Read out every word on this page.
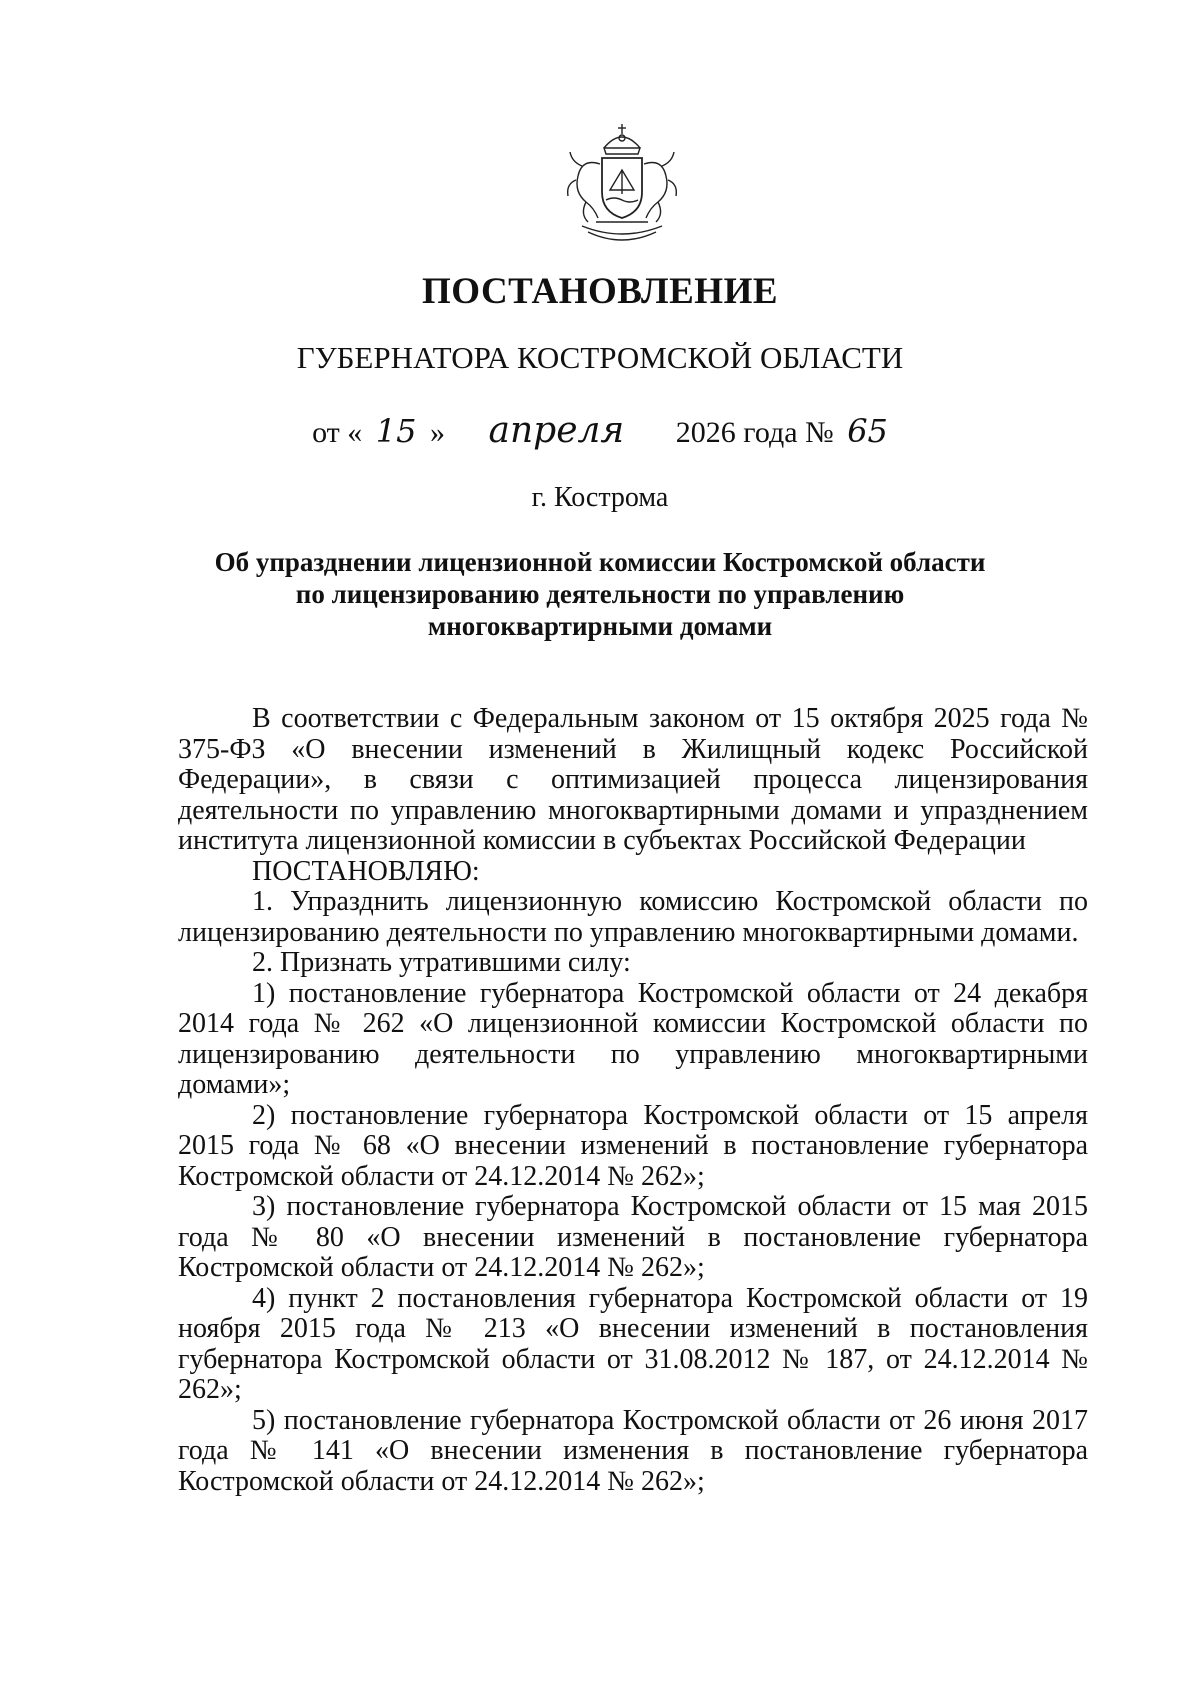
ПОСТАНОВЛЕНИЕ
ГУБЕРНАТОРА КОСТРОМСКОЙ ОБЛАСТИ
от « 15 » апреля 2026 года № 65
г. Кострома
Об упразднении лицензионной комиссии Костромской области
по лицензированию деятельности по управлению
многоквартирными домами

В соответствии с Федеральным законом от 15 октября 2025 года № 375-ФЗ «О внесении изменений в Жилищный кодекс Российской Федерации», в связи с оптимизацией процесса лицензирования деятельности по управлению многоквартирными домами и упразднением института лицензионной комиссии в субъектах Российской Федерации

ПОСТАНОВЛЯЮ:

1. Упразднить лицензионную комиссию Костромской области по лицензированию деятельности по управлению многоквартирными домами.

2. Признать утратившими силу:

1) постановление губернатора Костромской области от 24 декабря 2014 года № 262 «О лицензионной комиссии Костромской области по лицензированию деятельности по управлению многоквартирными домами»;

2) постановление губернатора Костромской области от 15 апреля 2015 года № 68 «О внесении изменений в постановление губернатора Костромской области от 24.12.2014 № 262»;

3) постановление губернатора Костромской области от 15 мая 2015 года № 80 «О внесении изменений в постановление губернатора Костромской области от 24.12.2014 № 262»;

4) пункт 2 постановления губернатора Костромской области от 19 ноября 2015 года № 213 «О внесении изменений в постановления губернатора Костромской области от 31.08.2012 № 187, от 24.12.2014 № 262»;

5) постановление губернатора Костромской области от 26 июня 2017 года № 141 «О внесении изменения в постановление губернатора Костромской области от 24.12.2014 № 262»;
